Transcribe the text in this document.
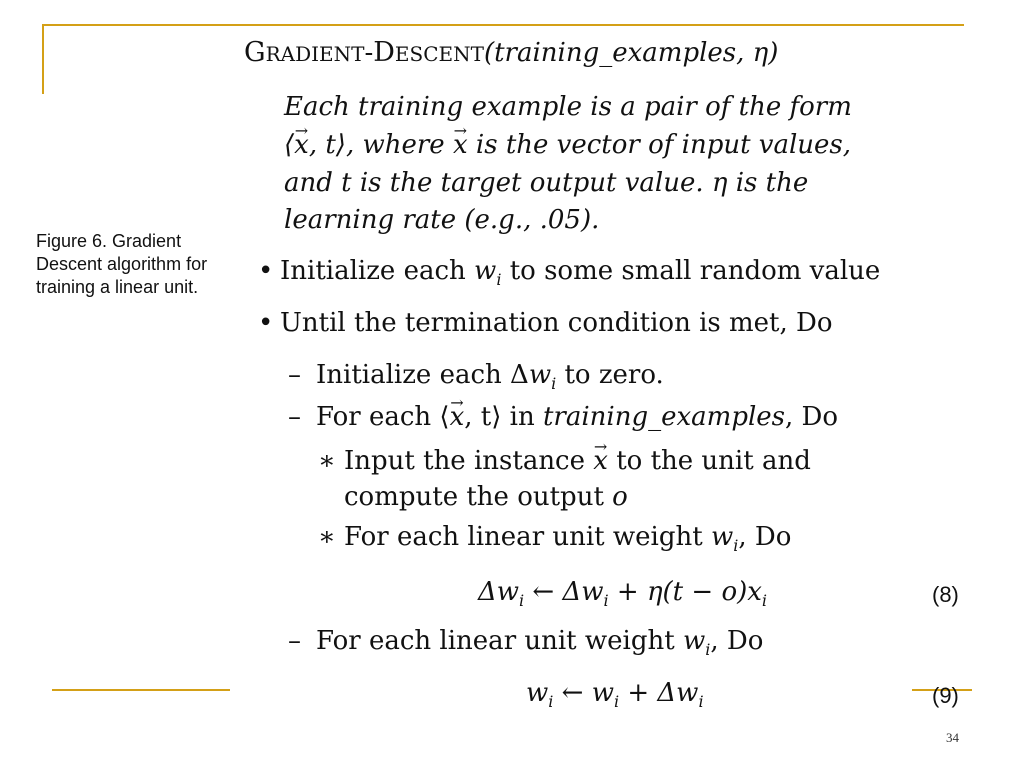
Figure 6. Gradient Descent algorithm for training a linear unit.
GRADIENT-DESCENT(training_examples, η)
Each training example is a pair of the form
⟨→ x, t⟩, where → x is the vector of input values,
and t is the target output value. η is the
learning rate (e.g., .05).
• Initialize each $w_i$ to some small random value
• Until the termination condition is met, Do
– Initialize each $\Delta w_i$ to zero.
– For each ⟨→ x, t⟩ in training_examples, Do
∗ Input the instance → x to the unit and
compute the output o
∗ For each linear unit weight $w_i$, Do
$\Delta w_i$ ← $\Delta w_i + \eta(t - o)x_i$	(8)
– For each linear unit weight $w_i$, Do
$w_i$ ← $w_i + \Delta w_i$	(9)
34
